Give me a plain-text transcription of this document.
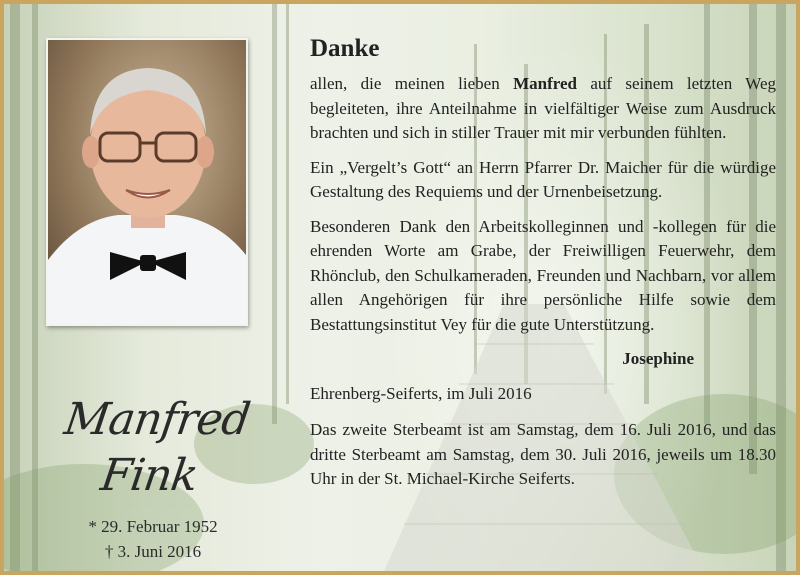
Manfred Fink
* 29. Februar 1952
† 3. Juni 2016
Danke

allen, die meinen lieben Manfred auf seinem letzten Weg begleiteten, ihre Anteilnahme in vielfältiger Weise zum Ausdruck brachten und sich in stiller Trauer mit mir verbunden fühlten.

Ein „Vergelt’s Gott“ an Herrn Pfarrer Dr. Maicher für die würdige Gestaltung des Requiems und der Urnenbeisetzung.

Besonderen Dank den Arbeitskolleginnen und -kollegen für die ehrenden Worte am Grabe, der Freiwilligen Feuerwehr, dem Rhönclub, den Schulkameraden, Freunden und Nachbarn, vor allem allen Angehörigen für ihre persönliche Hilfe sowie dem Bestattungsinstitut Vey für die gute Unterstützung.

Josephine
Ehrenberg-Seiferts, im Juli 2016

Das zweite Sterbeamt ist am Samstag, dem 16. Juli 2016, und das dritte Sterbeamt am Samstag, dem 30. Juli 2016, jeweils um 18.30 Uhr in der St. Michael-Kirche Seiferts.
